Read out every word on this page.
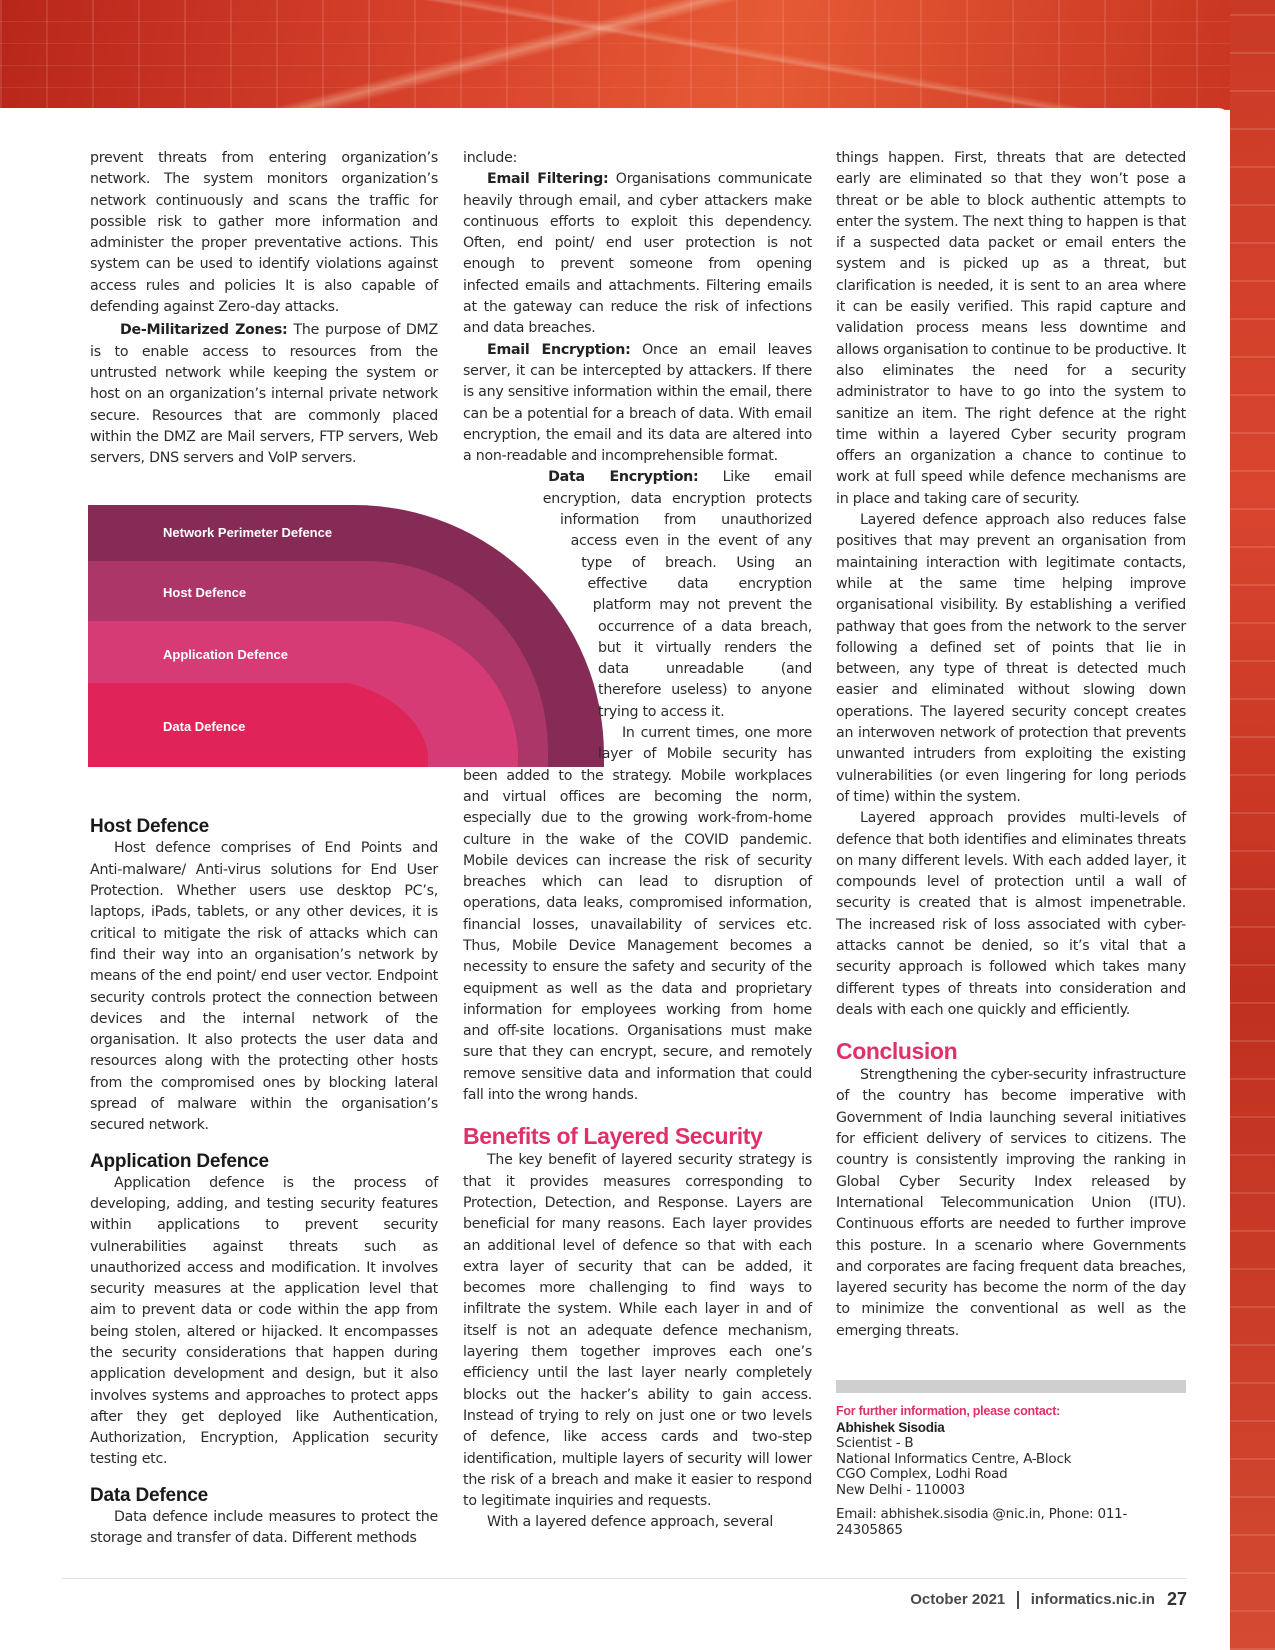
prevent threats from entering organization’s network. The system monitors organization’s network continuously and scans the traffic for possible risk to gather more information and administer the proper preventative actions. This system can be used to identify violations against access rules and policies It is also capable of defending against Zero-day attacks.

De-Militarized Zones: The purpose of DMZ is to enable access to resources from the untrusted network while keeping the system or host on an organization’s internal private network secure. Resources that are commonly placed within the DMZ are Mail servers, FTP servers, Web servers, DNS servers and VoIP servers.

Host Defence

Host defence comprises of End Points and Anti-malware/ Anti-virus solutions for End User Protection. Whether users use desktop PC’s, laptops, iPads, tablets, or any other devices, it is critical to mitigate the risk of attacks which can find their way into an organisation’s network by means of the end point/ end user vector. Endpoint security controls protect the connection between devices and the internal network of the organisation. It also protects the user data and resources along with the protecting other hosts from the compromised ones by blocking lateral spread of malware within the organisation’s secured network.

Application Defence

Application defence is the process of developing, adding, and testing security features within applications to prevent security vulnerabilities against threats such as unauthorized access and modification. It involves security measures at the application level that aim to prevent data or code within the app from being stolen, altered or hijacked. It encompasses the security considerations that happen during application development and design, but it also involves systems and approaches to protect apps after they get deployed like Authentication, Authorization, Encryption, Application security testing etc.

Data Defence

Data defence include measures to protect the storage and transfer of data. Different methods

Network Perimeter Defence
Host Defence
Application Defence
Data Defence

include:

Email Filtering: Organisations communicate heavily through email, and cyber attackers make continuous efforts to exploit this dependency. Often, end point/ end user protection is not enough to prevent someone from opening infected emails and attachments. Filtering emails at the gateway can reduce the risk of infections and data breaches.

Email Encryption: Once an email leaves server, it can be intercepted by attackers. If there is any sensitive information within the email, there can be a potential for a breach of data. With email encryption, the email and its data are altered into a non-readable and incomprehensible format.

Data Encryption: Like email encryption, data encryption protects information from unauthorized access even in the event of any type of breach. Using an effective data encryption platform may not prevent the occurrence of a data breach, but it virtually renders the data unreadable (and therefore useless) to anyone trying to access it.

In current times, one more layer of Mobile security has been added to the strategy. Mobile workplaces and virtual offices are becoming the norm, especially due to the growing work-from-home culture in the wake of the COVID pandemic. Mobile devices can increase the risk of security breaches which can lead to disruption of operations, data leaks, compromised information, financial losses, unavailability of services etc. Thus, Mobile Device Management becomes a necessity to ensure the safety and security of the equipment as well as the data and proprietary information for employees working from home and off-site locations. Organisations must make sure that they can encrypt, secure, and remotely remove sensitive data and information that could fall into the wrong hands.

Benefits of Layered Security

The key benefit of layered security strategy is that it provides measures corresponding to Protection, Detection, and Response. Layers are beneficial for many reasons. Each layer provides an additional level of defence so that with each extra layer of security that can be added, it becomes more challenging to find ways to infiltrate the system. While each layer in and of itself is not an adequate defence mechanism, layering them together improves each one’s efficiency until the last layer nearly completely blocks out the hacker’s ability to gain access. Instead of trying to rely on just one or two levels of defence, like access cards and two-step identification, multiple layers of security will lower the risk of a breach and make it easier to respond to legitimate inquiries and requests.

With a layered defence approach, several

things happen. First, threats that are detected early are eliminated so that they won’t pose a threat or be able to block authentic attempts to enter the system. The next thing to happen is that if a suspected data packet or email enters the system and is picked up as a threat, but clarification is needed, it is sent to an area where it can be easily verified. This rapid capture and validation process means less downtime and allows organisation to continue to be productive. It also eliminates the need for a security administrator to have to go into the system to sanitize an item. The right defence at the right time within a layered Cyber security program offers an organization a chance to continue to work at full speed while defence mechanisms are in place and taking care of security.

Layered defence approach also reduces false positives that may prevent an organisation from maintaining interaction with legitimate contacts, while at the same time helping improve organisational visibility. By establishing a verified pathway that goes from the network to the server following a defined set of points that lie in between, any type of threat is detected much easier and eliminated without slowing down operations. The layered security concept creates an interwoven network of protection that prevents unwanted intruders from exploiting the existing vulnerabilities (or even lingering for long periods of time) within the system.

Layered approach provides multi-levels of defence that both identifies and eliminates threats on many different levels. With each added layer, it compounds level of protection until a wall of security is created that is almost impenetrable. The increased risk of loss associated with cyber-attacks cannot be denied, so it’s vital that a security approach is followed which takes many different types of threats into consideration and deals with each one quickly and efficiently.

Conclusion

Strengthening the cyber-security infrastructure of the country has become imperative with Government of India launching several initiatives for efficient delivery of services to citizens. The country is consistently improving the ranking in Global Cyber Security Index released by International Telecommunication Union (ITU). Continuous efforts are needed to further improve this posture. In a scenario where Governments and corporates are facing frequent data breaches, layered security has become the norm of the day to minimize the conventional as well as the emerging threats.

For further information, please contact:
Abhishek Sisodia
Scientist - B
National Informatics Centre, A-Block
CGO Complex, Lodhi Road
New Delhi - 110003
Email: abhishek.sisodia @nic.in, Phone: 011-24305865
October 2021 informatics.nic.in 27
